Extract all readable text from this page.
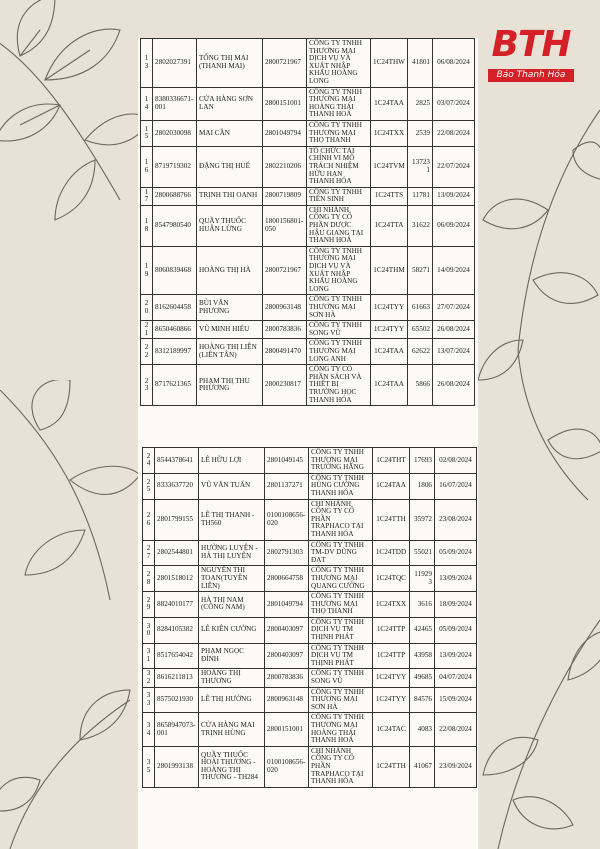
BTH
Báo Thanh Hóa
13	2802027391	TỐNG THỊ MAI (THANH MAI)	2800721967	CÔNG TY TNHH THƯƠNG MẠI DỊCH VỤ VÀ XUẤT NHẬP KHẨU HOÀNG LONG	1C24THW	41801	06/08/2024
14	8380336671-001	CỬA HÀNG SƠN LAN	2800151001	CÔNG TY TNHH THƯƠNG MẠI HOÀNG THÁI THANH HOÁ	1C24TAA	2825	03/07/2024
15	2802030098	MAI CẦN	2801049794	CÔNG TY TNHH THƯƠNG MẠI THỌ THANH	1C24TXX	2539	22/08/2024
16	8719719302	ĐẶNG THỊ HUẾ	2802210206	TỔ CHỨC TÀI CHÍNH VI MÔ TRÁCH NHIỆM HỮU HẠN THANH HÓA	1C24TVM	137231	22/07/2024
17	2800688766	TRỊNH THỊ OANH	2800719809	CÔNG TY TNHH TIẾN SINH	1C24TTS	11781	13/09/2024
18	8547980540	QUẦY THUỐC HUÂN LỪNG	1800156801-050	CHI NHÁNH CÔNG TY CỔ PHẦN DƯỢC HẬU GIANG TẠI THANH HOÁ	1C24TTA	31622	06/09/2024
19	8060839468	HOÀNG THỊ HÀ	2800721967	CÔNG TY TNHH THƯƠNG MẠI DỊCH VỤ VÀ XUẤT NHẬP KHẨU HOÀNG LONG	1C24THM	58271	14/09/2024
20	8162604458	BÙI VĂN PHƯƠNG	2800963148	CÔNG TY TNHH THƯƠNG MẠI SƠN HÀ	1C24TYY	61663	27/07/2024
21	8650460866	VŨ MINH HIẾU	2800783836	CÔNG TY TNHH SONG VŨ	1C24TYY	65502	26/08/2024
22	8312189997	HOÀNG THỊ LIÊN (LIÊN TÂN)	2800491470	CÔNG TY TNHH THƯƠNG MẠI LONG ANH	1C24TAA	62622	13/07/2024
23	8717621365	PHẠM THỊ THU PHƯƠNG	2800230817	CÔNG TY CỔ PHẦN SÁCH VÀ THIẾT BỊ TRƯỜNG HỌC THANH HÓA	1C24TAA	5866	26/08/2024
24	8544378641	LÊ HỮU LỢI	2801049145	CÔNG TY TNHH THƯƠNG MẠI TRƯỜNG HẰNG	1C24THT	17693	02/08/2024
25	8333637720	VŨ VĂN TUẤN	2801137271	CÔNG TY TNHH HÙNG CƯỜNG THANH HÓA	1C24TAA	1806	16/07/2024
26	2801799155	LÊ THỊ THANH - TH560	0100108656-020	CHI NHÁNH CÔNG TY CỔ PHẦN TRAPHACO TẠI THANH HÓA	1C24TTH	35972	23/08/2024
27	2802544801	HƯỜNG LUYỆN - HÀ THỊ LUYỆN	2802791303	CÔNG TY TNHH TM-DV DŨNG ĐẠT	1C24TDD	55021	05/09/2024
28	2801518012	NGUYỄN THỊ TOAN(TUYÊN LIÊN)	2800664758	CÔNG TY TNHH THƯƠNG MẠI QUANG CƯỜNG	1C24TQC	119293	13/09/2024
29	8824010177	HÀ THỊ NAM (CÔNG NAM)	2801049794	CÔNG TY TNHH THƯƠNG MẠI THỌ THANH	1C24TXX	3616	18/09/2024
30	8284105382	LÊ KIÊN CƯỜNG	2800403097	CÔNG TY TNHH DỊCH VỤ TM THỊNH PHÁT	1C24TTP	42465	05/09/2024
31	8517654042	PHẠM NGỌC ĐỈNH	2800403097	CÔNG TY TNHH DỊCH VỤ TM THỊNH PHÁT	1C24TTP	43958	13/09/2024
32	8616211813	HOÀNG THỊ THƯƠNG	2800783836	CÔNG TY TNHH SONG VŨ	1C24TYY	49685	04/07/2024
33	8575021930	LÊ THỊ HƯỜNG	2800963148	CÔNG TY TNHH THƯƠNG MẠI SƠN HÀ	1C24TYY	84576	15/09/2024
34	8658947073-001	CỬA HÀNG MAI TRỊNH HÙNG	2800151001	CÔNG TY TNHH THƯƠNG MẠI HOÀNG THÁI THANH HOÁ	1C24TAC	4083	22/08/2024
35	2801993138	QUẦY THUỐC HOÀI THƯƠNG - HOÀNG THỊ THƯƠNG - TH284	0100108656-020	CHI NHÁNH CÔNG TY CỔ PHẦN TRAPHACO TẠI THANH HÓA	1C24TTH	41067	23/09/2024
